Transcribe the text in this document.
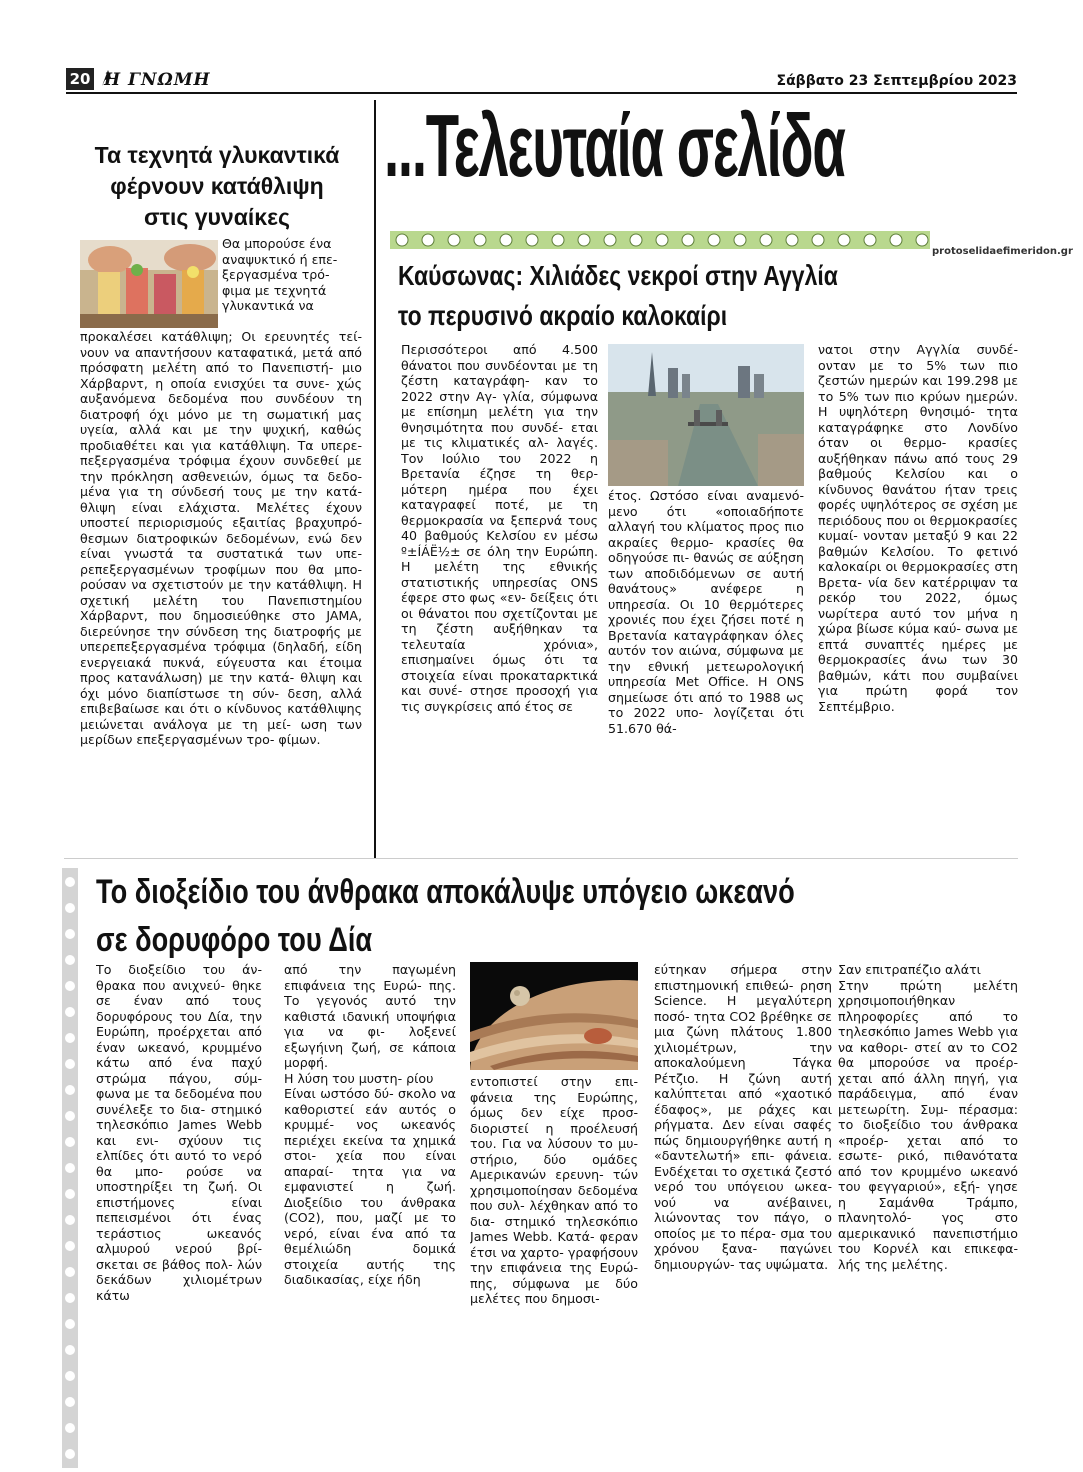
20 Η ΓΝΩΜΗ	Σάββατο 23 Σεπτεμβρίου 2023
Τα τεχνητά γλυκαντικά
φέρνουν κατάθλιψη
στις γυναίκες
Θα μπορούσε ένα
αναψυκτικό ή επε-
ξεργασμένα τρό-
φιμα με τεχνητά
γλυκαντικά να

προκαλέσει κατάθλιψη; Οι ερευνητές τεί- νουν να απαντήσουν καταφατικά, μετά από πρόσφατη μελέτη από το Πανεπιστή- μιο Χάρβαρντ, η οποία ενισχύει τα συνε- χώς αυξανόμενα δεδομένα που συνδέουν τη διατροφή όχι μόνο με τη σωματική μας υγεία, αλλά και με την ψυχική, καθώς προδιαθέτει και για κατάθλιψη. Τα υπερε- πεξεργασμένα τρόφιμα έχουν συνδεθεί με την πρόκληση ασθενειών, όμως τα δεδο- μένα για τη σύνδεσή τους με την κατά- θλιψη είναι ελάχιστα. Μελέτες έχουν υποστεί περιορισμούς εξαιτίας βραχυπρό- θεσμων διατροφικών δεδομένων, ενώ δεν είναι γνωστά τα συστατικά των υπε- ρεπεξεργασμένων τροφίμων που θα μπο- ρούσαν να σχετιστούν με την κατάθλιψη. Η σχετική μελέτη του Πανεπιστημίου Χάρβαρντ, που δημοσιεύθηκε στο JAMA, διερεύνησε την σύνδεση της διατροφής με υπερεπεξεργασμένα τρόφιμα (δηλαδή, είδη ενεργειακά πυκνά, εύγευστα και έτοιμα προς κατανάλωση) με την κατά- θλιψη και όχι μόνο διαπίστωσε τη σύν- δεση, αλλά επιβεβαίωσε και ότι ο κίνδυνος κατάθλιψης μειώνεται ανάλογα με τη μεί- ωση των μερίδων επεξεργασμένων τρο- φίμων.

...Τελευταία σελίδα
protoselidaefimeridon.gr
Καύσωνας: Χιλιάδες νεκροί στην Αγγλία
το περυσινό ακραίο καλοκαίρι

Περισσότεροι από 4.500 θάνατοι που συνδέονται με τη ζέστη καταγράφη- καν το 2022 στην Αγ- γλία, σύμφωνα με επίσημη μελέτη για την θνησιμότητα που συνδέ- εται με τις κλιματικές αλ- λαγές. Τον Ιούλιο του 2022 η Βρετανία έζησε τη θερ- μότερη ημέρα που έχει καταγραφεί ποτέ, με τη θερμοκρασία να ξεπερνά τους 40 βαθμούς Κελσίου εν μέσω º±ÍÁË½± σε όλη την Ευρώπη. Η μελέτη της εθνικής στατιστικής υπηρεσίας ONS έφερε στο φως «εν- δείξεις ότι οι θάνατοι που σχετίζονται με τη ζέστη αυξήθηκαν τα τελευταία χρόνια», επισημαίνει όμως ότι τα στοιχεία είναι προκαταρκτικά και συνέ- στησε προσοχή για τις συγκρίσεις από έτος σε

έτος. Ωστόσο είναι αναμενό- μενο ότι «οποιαδήποτε αλλαγή του κλίματος προς πιο ακραίες θερμο- κρασίες θα οδηγούσε πι- θανώς σε αύξηση των αποδιδόμενων σε αυτή θανάτους» ανέφερε η υπηρεσία. Οι 10 θερμότερες χρονιές που έχει ζήσει ποτέ η Βρετανία καταγράφηκαν όλες αυτόν τον αιώνα, σύμφωνα με την εθνική μετεωρολογική υπηρεσία Met Office. Η ONS σημείωσε ότι από το 1988 ως το 2022 υπο- λογίζεται ότι 51.670 θά-

νατοι στην Αγγλία συνδέ- ονταν με το 5% των πιο ζεστών ημερών και 199.298 με το 5% των πιο κρύων ημερών. Η υψηλότερη θνησιμό- τητα καταγράφηκε στο Λονδίνο όταν οι θερμο- κρασίες αυξήθηκαν πάνω από τους 29 βαθμούς Κελσίου και ο κίνδυνος θανάτου ήταν τρεις φορές υψηλότερος σε σχέση με περιόδους που οι θερμοκρασίες κυμαί- νονταν μεταξύ 9 και 22 βαθμών Κελσίου. Το φετινό καλοκαίρι οι θερμοκρασίες στη Βρετα- νία δεν κατέρριψαν τα ρεκόρ του 2022, όμως νωρίτερα αυτό τον μήνα η χώρα βίωσε κύμα καύ- σωνα με επτά συναπτές ημέρες με θερμοκρασίες άνω των 30 βαθμών, κάτι που συμβαίνει για πρώτη φορά τον Σεπτέμβριο.

Το διοξείδιο του άνθρακα αποκάλυψε υπόγειο ωκεανό
σε δορυφόρο του Δία

Το διοξείδιο του άν- θρακα που ανιχνεύ- θηκε σε έναν από τους δορυφόρους του Δία, την Ευρώπη, προέρχεται από έναν ωκεανό, κρυμμένο κάτω από ένα παχύ στρώμα πάγου, σύμ- φωνα με τα δεδομένα που συνέλεξε το δια- στημικό τηλεσκόπιο James Webb και ενι- σχύουν τις ελπίδες ότι αυτό το νερό θα μπο- ρούσε να υποστηρίξει τη ζωή. Οι επιστήμονες είναι πεπεισμένοι ότι ένας τεράστιος ωκεανός αλμυρού νερού βρί- σκεται σε βάθος πολ- λών δεκάδων χιλιομέτρων κάτω

από την παγωμένη επιφάνεια της Ευρώ- πης. Το γεγονός αυτό την καθιστά ιδανική υποψήφια για να φι- λοξενεί εξωγήινη ζωή, σε κάποια μορφή.

Η λύση του μυστη- ρίου

Είναι ωστόσο δύ- σκολο να καθοριστεί εάν αυτός ο κρυμμέ- νος ωκεανός περιέχει εκείνα τα χημικά στοι- χεία που είναι απαραί- τητα για να εμφανιστεί η ζωή. Διοξείδιο του άνθρακα (CO2), που, μαζί με το νερό, είναι ένα από τα θεμέλιώδη δομικά στοιχεία αυτής της διαδικασίας, είχε ήδη

εντοπιστεί στην επι- φάνεια της Ευρώπης, όμως δεν είχε προσ- διοριστεί η προέλευσή του. Για να λύσουν το μυ- στήριο, δύο ομάδες Αμερικανών ερευνη- τών χρησιμοποίησαν δεδομένα που συλ- λέχθηκαν από το δια- στημικό τηλεσκόπιο James Webb. Κατά- φεραν έτσι να χαρτο- γραφήσουν την επιφάνεια της Ευρώ- πης, σύμφωνα με δύο μελέτες που δημοσι-

εύτηκαν σήμερα στην επιστημονική επιθεώ- ρηση Science. Η μεγαλύτερη ποσό- τητα CO2 βρέθηκε σε μια ζώνη πλάτους 1.800 χιλιομέτρων, την αποκαλούμενη Τάγκα Ρέτζιο. Η ζώνη αυτή καλύπτεται από «χαοτικό έδαφος», με ράχες και ρήγματα. Δεν είναι σαφές πώς δημιουργήθηκε αυτή η «δαντελωτή» επι- φάνεια. Ενδέχεται το σχετικά ζεστό νερό του υπόγειου ωκεα- νού να ανέβαινει, λιώνοντας τον πάγο, ο οποίος με το πέρα- σμα του χρόνου ξανα- παγώνει δημιουργών- τας υψώματα.

Σαν επιτραπέζιο αλάτι

Στην πρώτη μελέτη χρησιμοποιήθηκαν πληροφορίες από το τηλεσκόπιο James Webb για να καθορι- στεί αν το CO2 θα μπορούσε να προέρ- χεται από άλλη πηγή, για παράδειγμα, από έναν μετεωρίτη. Συμ- πέρασμα: το διοξείδιο του άνθρακα «προέρ- χεται από το εσωτε- ρικό, πιθανότατα από τον κρυμμένο ωκεανό του φεγγαριού», εξή- γησε η Σαμάνθα Τράμπο, πλανητολό- γος στο αμερικανικό πανεπιστήμιο του Κορνέλ και επικεφα- λής της μελέτης.
